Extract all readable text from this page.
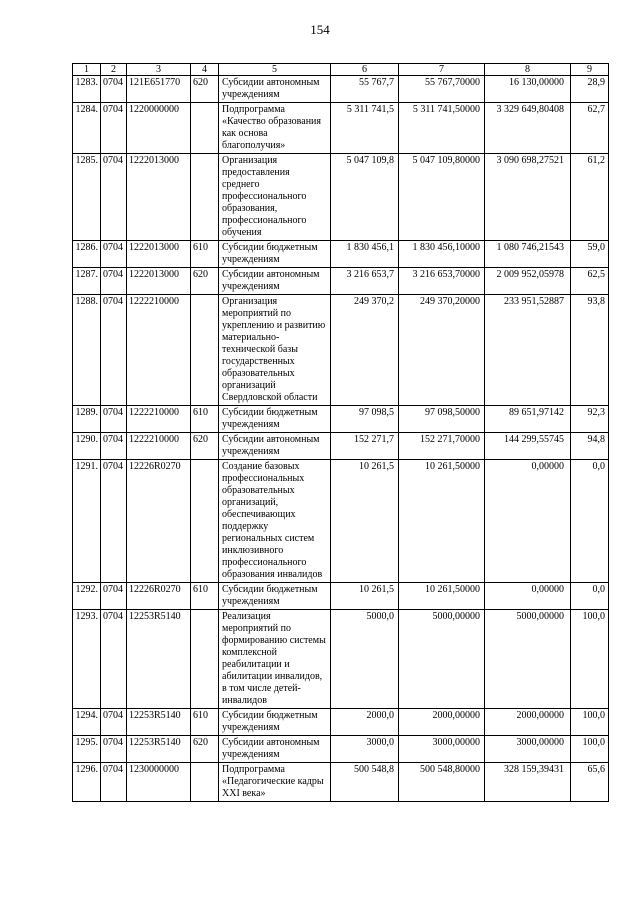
154
1	2	3	4	5	6	7	8	9
1283.	0704	121Е651770	620	Субсидии автономным учреждениям	55 767,7	55 767,70000	16 130,00000	28,9
1284.	0704	1220000000		Подпрограмма «Качество образования как основа благополучия»	5 311 741,5	5 311 741,50000	3 329 649,80408	62,7
1285.	0704	1222013000		Организация предоставления среднего профессионального образования, профессионального обучения	5 047 109,8	5 047 109,80000	3 090 698,27521	61,2
1286.	0704	1222013000	610	Субсидии бюджетным учреждениям	1 830 456,1	1 830 456,10000	1 080 746,21543	59,0
1287.	0704	1222013000	620	Субсидии автономным учреждениям	3 216 653,7	3 216 653,70000	2 009 952,05978	62,5
1288.	0704	1222210000		Организация мероприятий по укреплению и развитию материально-технической базы государственных образовательных организаций Свердловской области	249 370,2	249 370,20000	233 951,52887	93,8
1289.	0704	1222210000	610	Субсидии бюджетным учреждениям	97 098,5	97 098,50000	89 651,97142	92,3
1290.	0704	1222210000	620	Субсидии автономным учреждениям	152 271,7	152 271,70000	144 299,55745	94,8
1291.	0704	12226R0270		Создание базовых профессиональных образовательных организаций, обеспечивающих поддержку региональных систем инклюзивного профессионального образования инвалидов	10 261,5	10 261,50000	0,00000	0,0
1292.	0704	12226R0270	610	Субсидии бюджетным учреждениям	10 261,5	10 261,50000	0,00000	0,0
1293.	0704	12253R5140		Реализация мероприятий по формированию системы комплексной реабилитации и абилитации инвалидов, в том числе детей-инвалидов	5000,0	5000,00000	5000,00000	100,0
1294.	0704	12253R5140	610	Субсидии бюджетным учреждениям	2000,0	2000,00000	2000,00000	100,0
1295.	0704	12253R5140	620	Субсидии автономным учреждениям	3000,0	3000,00000	3000,00000	100,0
1296.	0704	1230000000		Подпрограмма «Педагогические кадры XXI века»	500 548,8	500 548,80000	328 159,39431	65,6
